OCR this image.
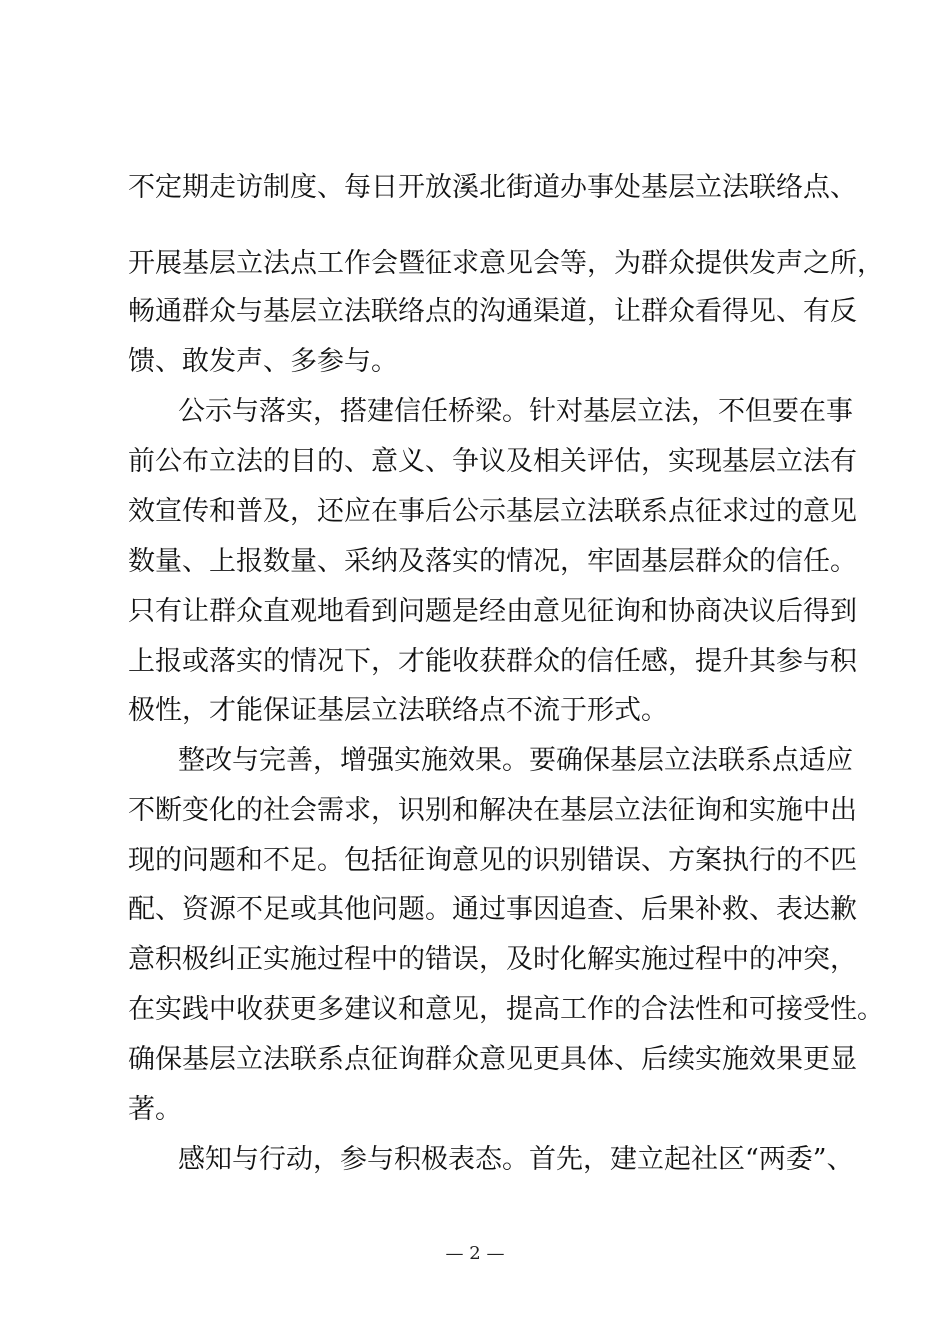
不定期走访制度、每日开放溪北街道办事处基层立法联络点、
开展基层立法点工作会暨征求意见会等，为群众提供发声之所，
畅通群众与基层立法联络点的沟通渠道，让群众看得见、有反
馈、敢发声、多参与。
公示与落实，搭建信任桥梁。针对基层立法，不但要在事
前公布立法的目的、意义、争议及相关评估，实现基层立法有
效宣传和普及，还应在事后公示基层立法联系点征求过的意见
数量、上报数量、采纳及落实的情况，牢固基层群众的信任。
只有让群众直观地看到问题是经由意见征询和协商决议后得到
上报或落实的情况下，才能收获群众的信任感，提升其参与积
极性，才能保证基层立法联络点不流于形式。
整改与完善，增强实施效果。要确保基层立法联系点适应
不断变化的社会需求，识别和解决在基层立法征询和实施中出
现的问题和不足。包括征询意见的识别错误、方案执行的不匹
配、资源不足或其他问题。通过事因追查、后果补救、表达歉
意积极纠正实施过程中的错误，及时化解实施过程中的冲突，
在实践中收获更多建议和意见，提高工作的合法性和可接受性。
确保基层立法联系点征询群众意见更具体、后续实施效果更显
著。
感知与行动，参与积极表态。首先，建立起社区“两委”、
— 2 —
